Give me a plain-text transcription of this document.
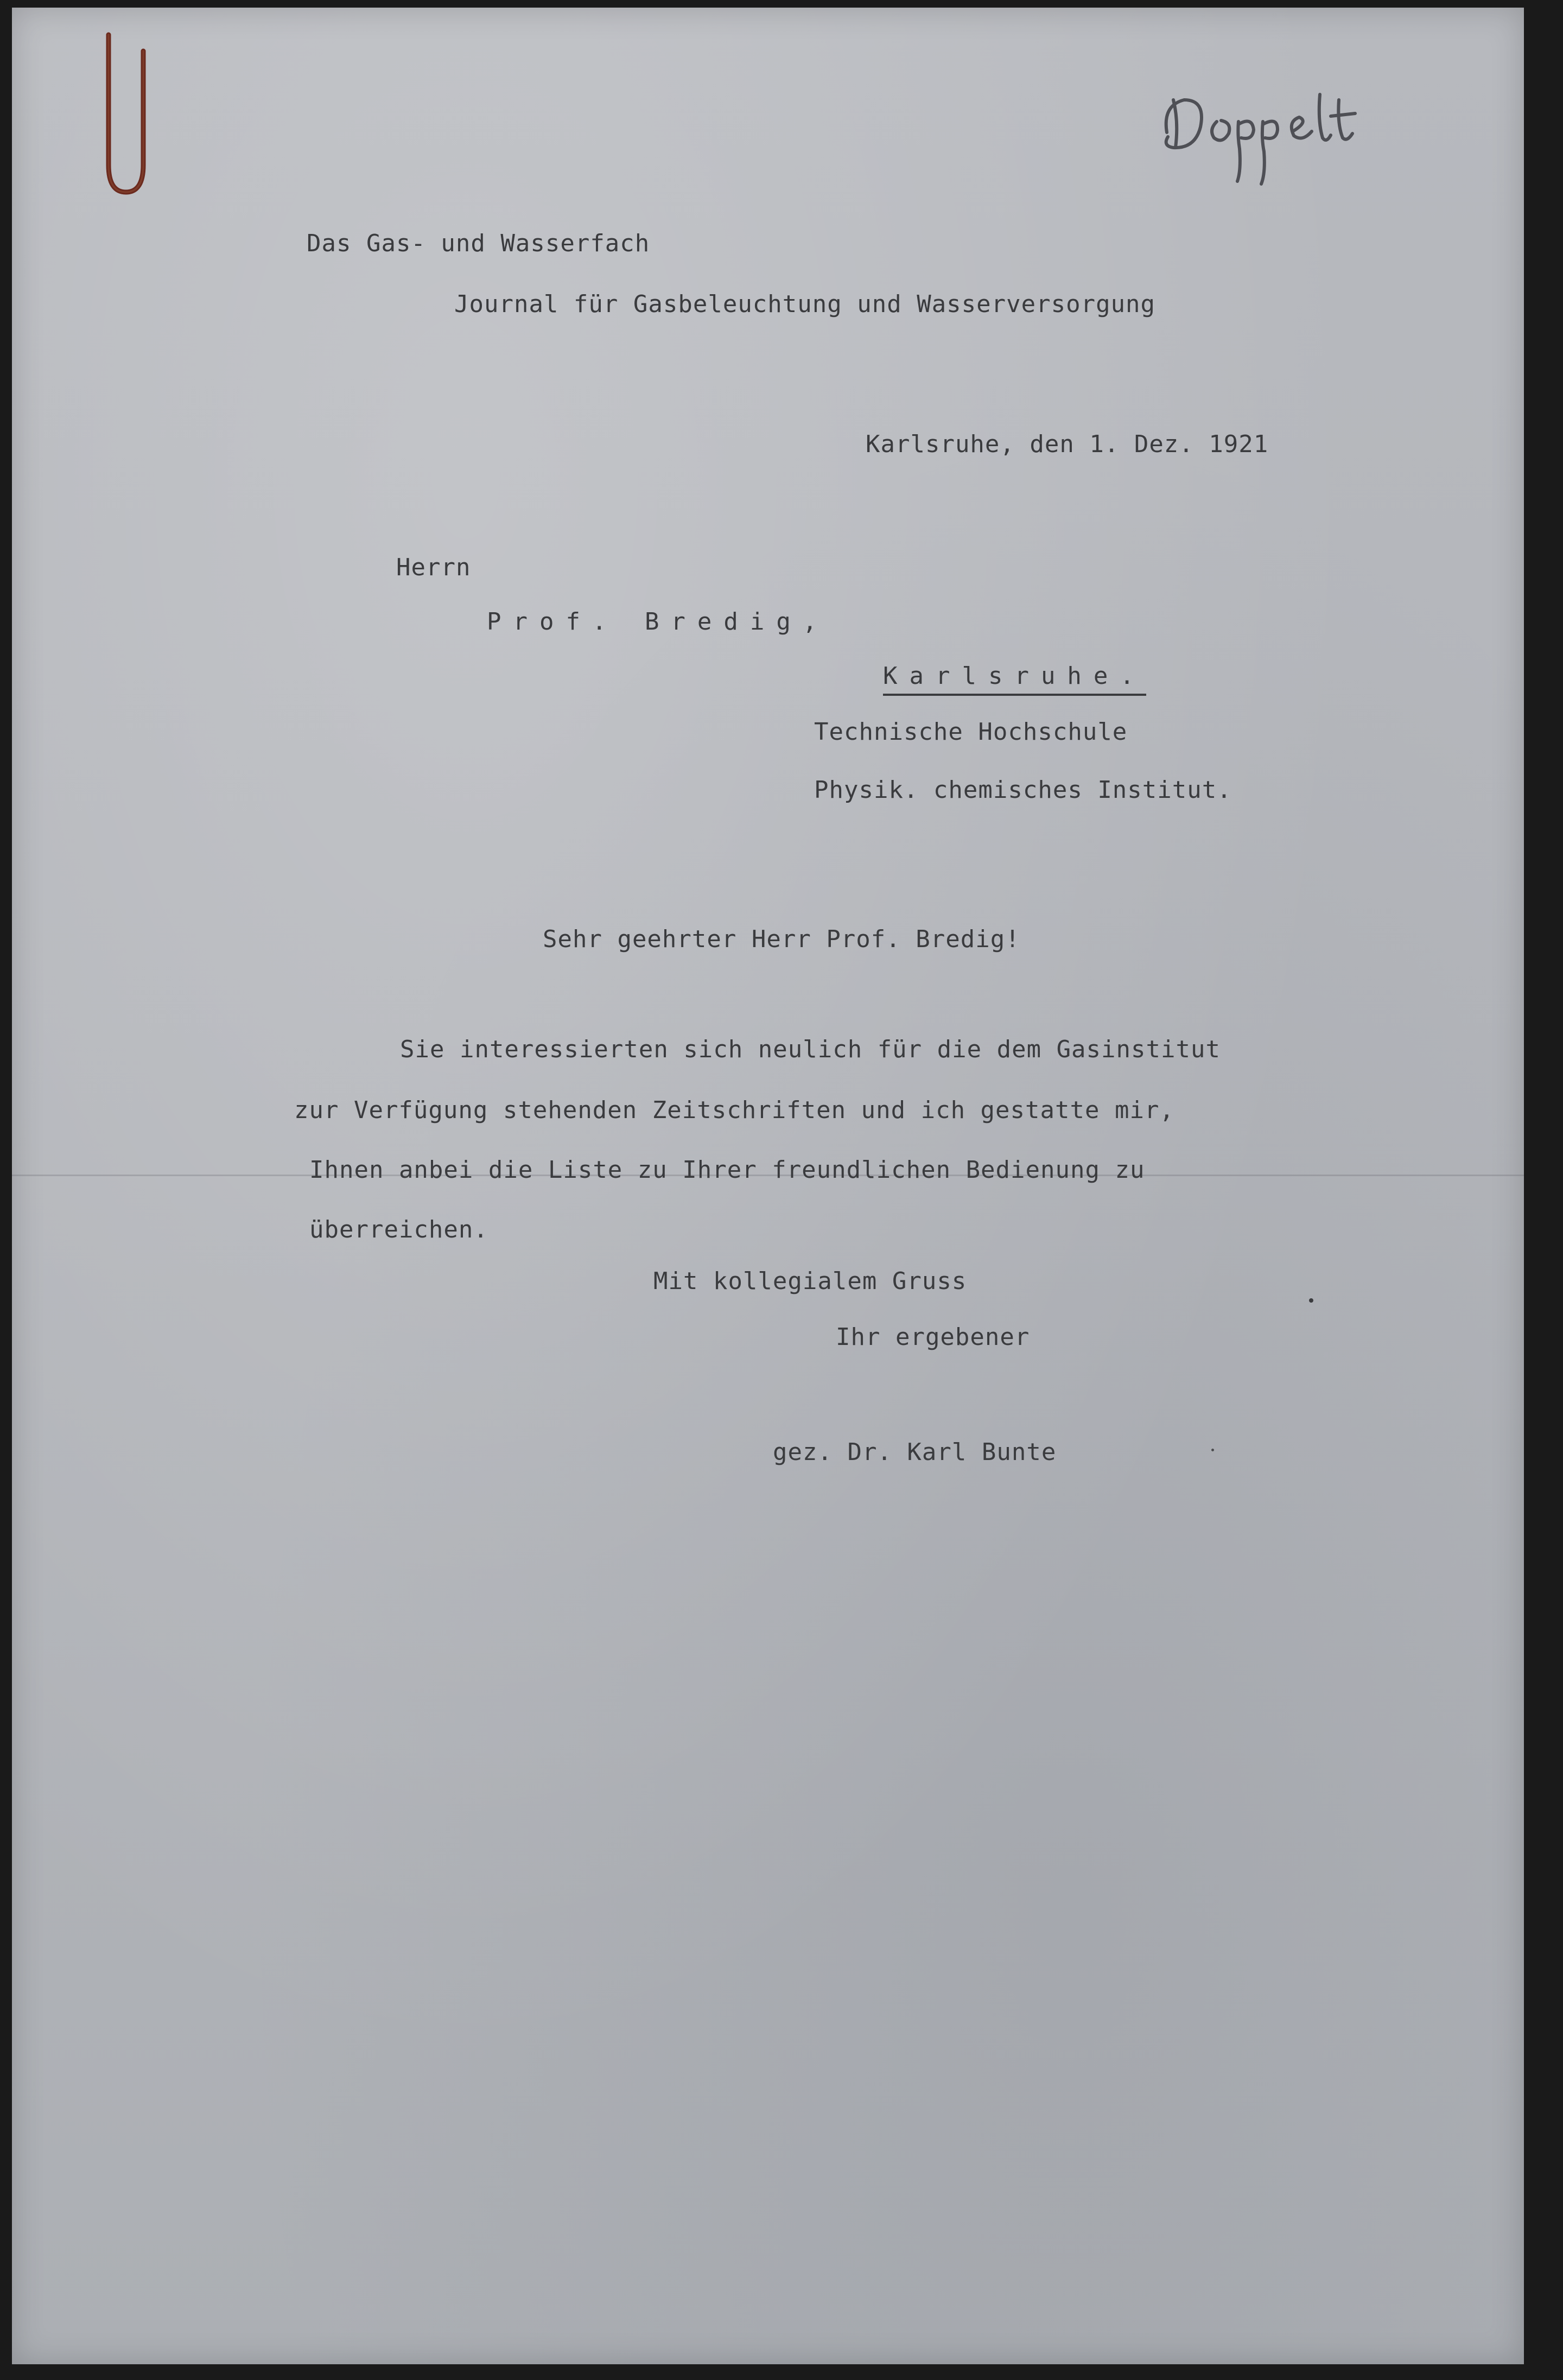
Das Gas- und Wasserfach
Journal für Gasbeleuchtung und Wasserversorgung
Karlsruhe, den 1. Dez. 1921
Herrn
Prof. Bredig,
Karlsruhe.
Technische Hochschule
Physik. chemisches Institut.
Sehr geehrter Herr Prof. Bredig!
Sie interessierten sich neulich für die dem Gasinstitut
zur Verfügung stehenden Zeitschriften und ich gestatte mir,
Ihnen anbei die Liste zu Ihrer freundlichen Bedienung zu
überreichen.
Mit kollegialem Gruss
Ihr ergebener
gez. Dr. Karl Bunte
